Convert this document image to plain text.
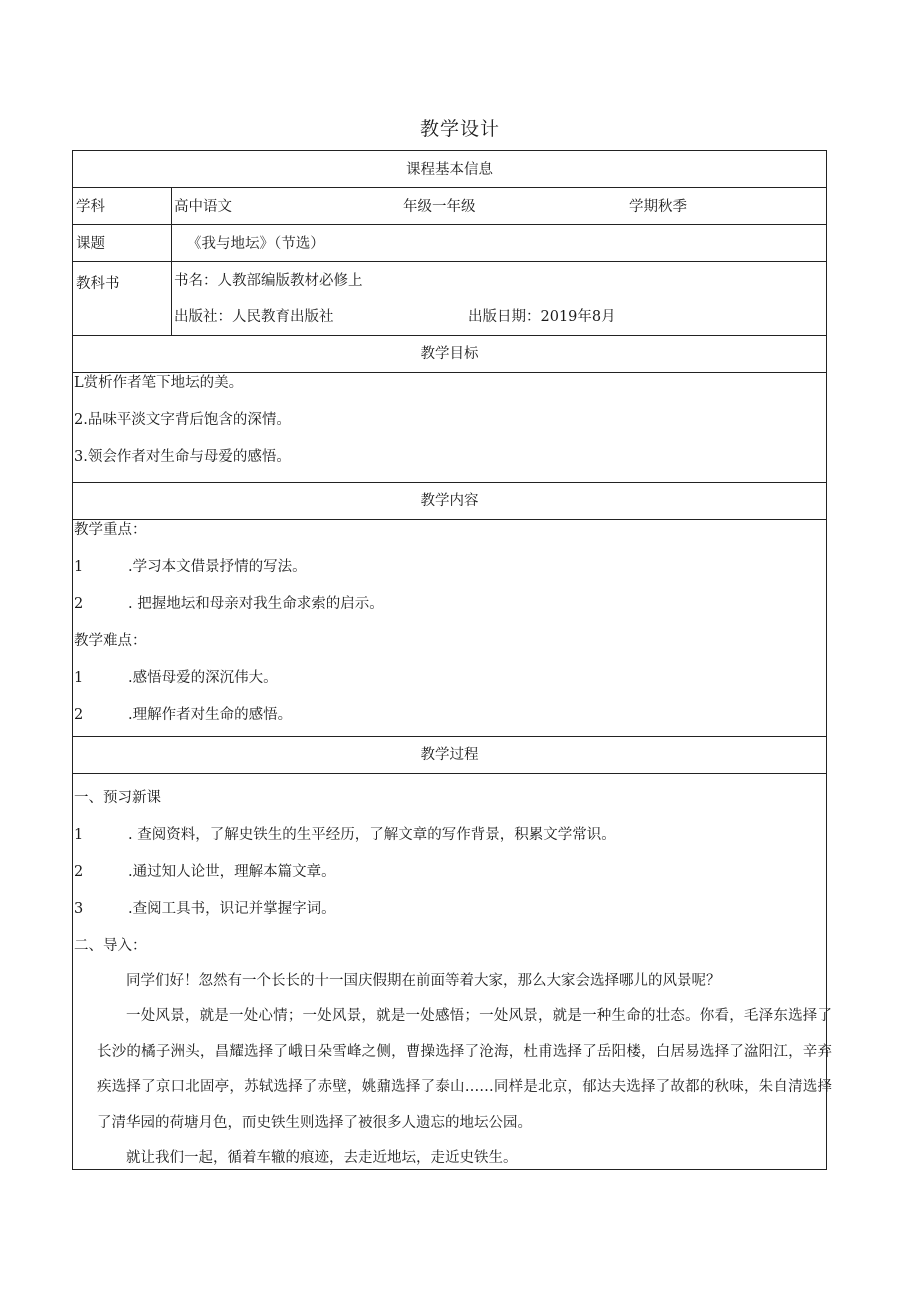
教学设计
课程基本信息
学科	高中语文	年级一年级	学期秋季
课题	《我与地坛》（节选）
教科书	书名：人教部编版教材必修上
出版社：人民教育出版社	出版日期：2019年8月
教学目标
L赏析作者笔下地坛的美。
2.品味平淡文字背后饱含的深情。
3.领会作者对生命与母爱的感悟。
教学内容
教学重点：
1	.学习本文借景抒情的写法。
2	. 把握地坛和母亲对我生命求索的启示。
教学难点：
1	.感悟母爱的深沉伟大。
2	.理解作者对生命的感悟。
教学过程
一、预习新课
1	. 查阅资料，了解史铁生的生平经历，了解文章的写作背景，积累文学常识。
2	.通过知人论世，理解本篇文章。
3	.查阅工具书，识记并掌握字词。
二、导入：
同学们好！忽然有一个长长的十一国庆假期在前面等着大家，那么大家会选择哪儿的风景呢？
一处风景，就是一处心情；一处风景，就是一处感悟；一处风景，就是一种生命的壮态。你看，毛泽东选择了长沙的橘子洲头，昌耀选择了峨日朵雪峰之侧，曹操选择了沧海，杜甫选择了岳阳楼，白居易选择了湓阳江，辛弃疾选择了京口北固亭，苏轼选择了赤壁，姚鼐选择了泰山……同样是北京，郁达夫选择了故都的秋味，朱自清选择了清华园的荷塘月色，而史铁生则选择了被很多人遗忘的地坛公园。
就让我们一起，循着车辙的痕迹，去走近地坛，走近史铁生。
